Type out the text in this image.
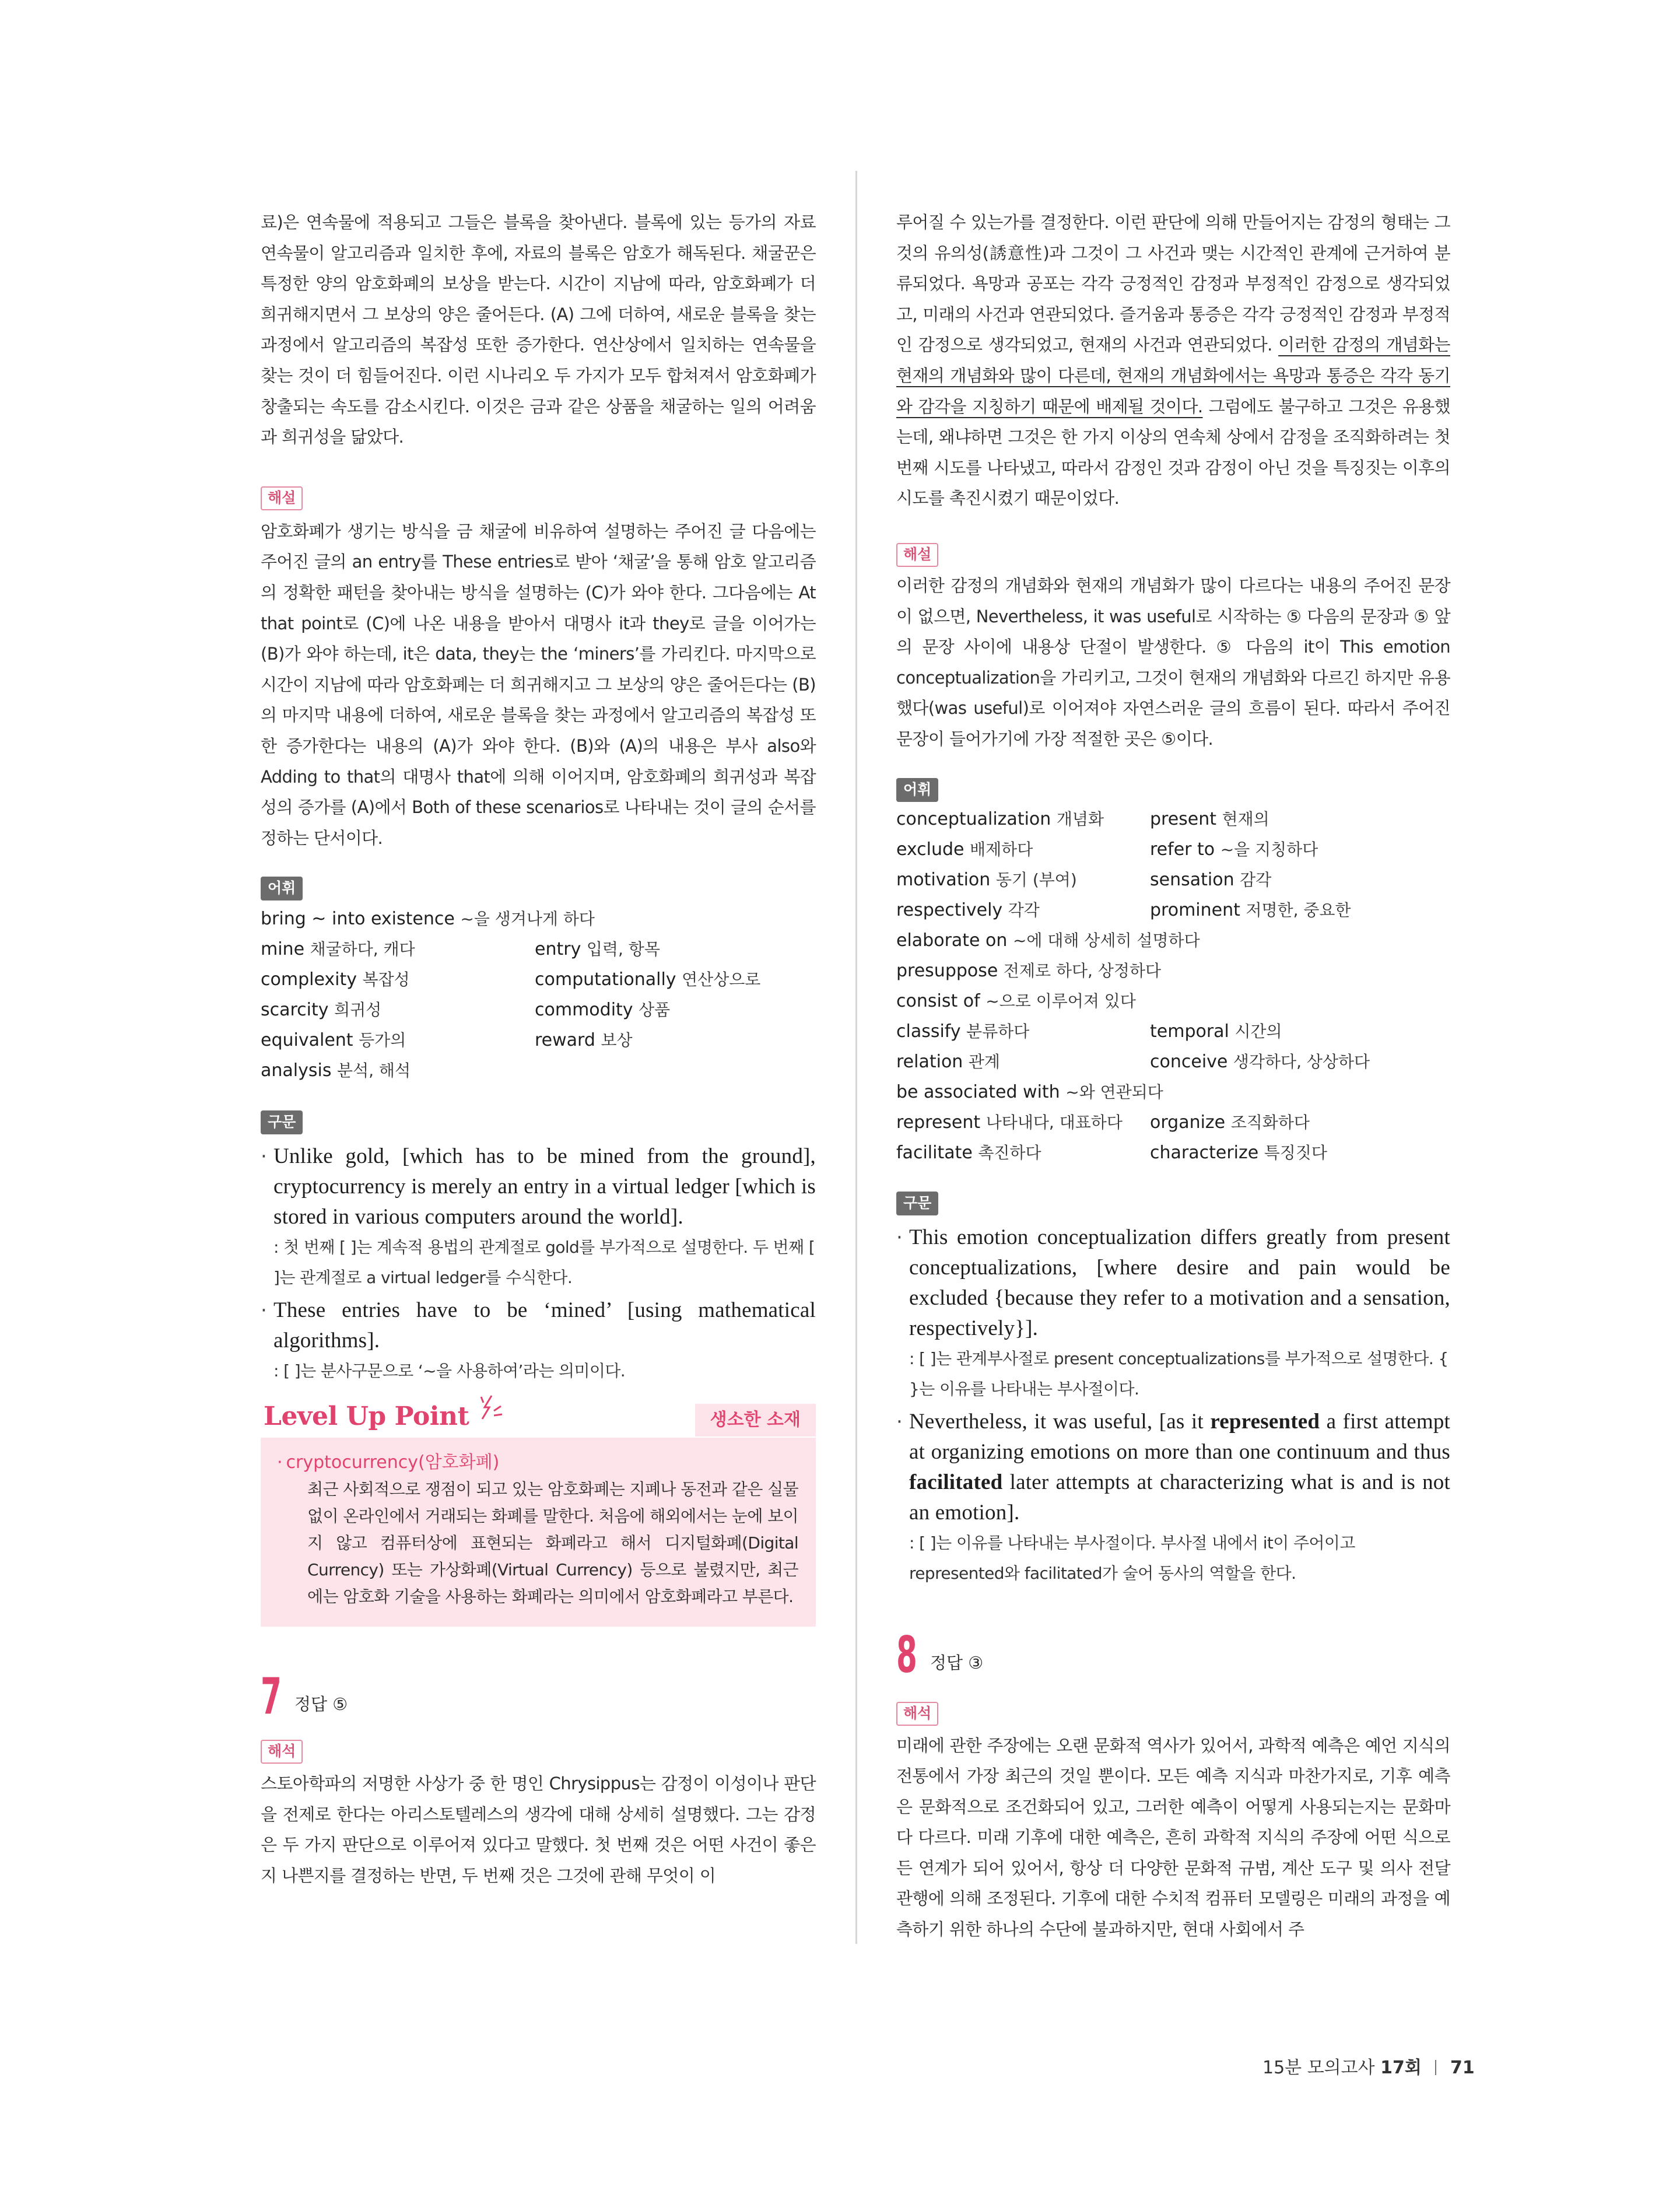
료)은 연속물에 적용되고 그들은 블록을 찾아낸다. 블록에 있는 등가의 자료 연속물이 알고리즘과 일치한 후에, 자료의 블록은 암호가 해독된다. 채굴꾼은 특정한 양의 암호화폐의 보상을 받는다. 시간이 지남에 따라, 암호화폐가 더 희귀해지면서 그 보상의 양은 줄어든다. (A) 그에 더하여, 새로운 블록을 찾는 과정에서 알고리즘의 복잡성 또한 증가한다. 연산상에서 일치하는 연속물을 찾는 것이 더 힘들어진다. 이런 시나리오 두 가지가 모두 합쳐져서 암호화폐가 창출되는 속도를 감소시킨다. 이것은 금과 같은 상품을 채굴하는 일의 어려움과 희귀성을 닮았다.

해설

암호화폐가 생기는 방식을 금 채굴에 비유하여 설명하는 주어진 글 다음에는 주어진 글의 an entry를 These entries로 받아 ‘채굴’을 통해 암호 알고리즘의 정확한 패턴을 찾아내는 방식을 설명하는 (C)가 와야 한다. 그다음에는 At that point로 (C)에 나온 내용을 받아서 대명사 it과 they로 글을 이어가는 (B)가 와야 하는데, it은 data, they는 the ‘miners’를 가리킨다. 마지막으로 시간이 지남에 따라 암호화폐는 더 희귀해지고 그 보상의 양은 줄어든다는 (B)의 마지막 내용에 더하여, 새로운 블록을 찾는 과정에서 알고리즘의 복잡성 또한 증가한다는 내용의 (A)가 와야 한다. (B)와 (A)의 내용은 부사 also와 Adding to that의 대명사 that에 의해 이어지며, 암호화폐의 희귀성과 복잡성의 증가를 (A)에서 Both of these scenarios로 나타내는 것이 글의 순서를 정하는 단서이다.

어휘
bring ~ into existence ~을 생겨나게 하다
mine 채굴하다, 캐다	entry 입력, 항목
complexity 복잡성	computationally 연산상으로
scarcity 희귀성	commodity 상품
equivalent 등가의	reward 보상
analysis 분석, 해석
구문
· Unlike gold, [which has to be mined from the ground], cryptocurrency is merely an entry in a virtual ledger [which is stored in various computers around the world].
: 첫 번째 [ ]는 계속적 용법의 관계절로 gold를 부가적으로 설명한다. 두 번째 [ ]는 관계절로 a virtual ledger를 수식한다.
· These entries have to be ‘mined’ [using mathematical algorithms].
: [ ]는 분사구문으로 ‘~을 사용하여’라는 의미이다.
Level Up Point	생소한 소재
· cryptocurrency(암호화폐)
최근 사회적으로 쟁점이 되고 있는 암호화폐는 지폐나 동전과 같은 실물 없이 온라인에서 거래되는 화폐를 말한다. 처음에 해외에서는 눈에 보이지 않고 컴퓨터상에 표현되는 화폐라고 해서 디지털화폐(Digital Currency) 또는 가상화폐(Virtual Currency) 등으로 불렸지만, 최근에는 암호화 기술을 사용하는 화폐라는 의미에서 암호화폐라고 부른다.
7 정답 ⑤
해석

스토아학파의 저명한 사상가 중 한 명인 Chrysippus는 감정이 이성이나 판단을 전제로 한다는 아리스토텔레스의 생각에 대해 상세히 설명했다. 그는 감정은 두 가지 판단으로 이루어져 있다고 말했다. 첫 번째 것은 어떤 사건이 좋은지 나쁜지를 결정하는 반면, 두 번째 것은 그것에 관해 무엇이 이

루어질 수 있는가를 결정한다. 이런 판단에 의해 만들어지는 감정의 형태는 그것의 유의성(誘意性)과 그것이 그 사건과 맺는 시간적인 관계에 근거하여 분류되었다. 욕망과 공포는 각각 긍정적인 감정과 부정적인 감정으로 생각되었고, 미래의 사건과 연관되었다. 즐거움과 통증은 각각 긍정적인 감정과 부정적인 감정으로 생각되었고, 현재의 사건과 연관되었다. 이러한 감정의 개념화는 현재의 개념화와 많이 다른데, 현재의 개념화에서는 욕망과 통증은 각각 동기와 감각을 지칭하기 때문에 배제될 것이다. 그럼에도 불구하고 그것은 유용했는데, 왜냐하면 그것은 한 가지 이상의 연속체 상에서 감정을 조직화하려는 첫 번째 시도를 나타냈고, 따라서 감정인 것과 감정이 아닌 것을 특징짓는 이후의 시도를 촉진시켰기 때문이었다.

해설

이러한 감정의 개념화와 현재의 개념화가 많이 다르다는 내용의 주어진 문장이 없으면, Nevertheless, it was useful로 시작하는 ⑤ 다음의 문장과 ⑤ 앞의 문장 사이에 내용상 단절이 발생한다. ⑤ 다음의 it이 This emotion conceptualization을 가리키고, 그것이 현재의 개념화와 다르긴 하지만 유용했다(was useful)로 이어져야 자연스러운 글의 흐름이 된다. 따라서 주어진 문장이 들어가기에 가장 적절한 곳은 ⑤이다.

어휘
conceptualization 개념화	present 현재의
exclude 배제하다	refer to ~을 지칭하다
motivation 동기 (부여)	sensation 감각
respectively 각각	prominent 저명한, 중요한
elaborate on ~에 대해 상세히 설명하다
presuppose 전제로 하다, 상정하다
consist of ~으로 이루어져 있다
classify 분류하다	temporal 시간의
relation 관계	conceive 생각하다, 상상하다
be associated with ~와 연관되다
represent 나타내다, 대표하다	organize 조직화하다
facilitate 촉진하다	characterize 특징짓다
구문
· This emotion conceptualization differs greatly from present conceptualizations, [where desire and pain would be excluded {because they refer to a motivation and a sensation, respectively}].
: [ ]는 관계부사절로 present conceptualizations를 부가적으로 설명한다. { }는 이유를 나타내는 부사절이다.
· Nevertheless, it was useful, [as it represented a first attempt at organizing emotions on more than one continuum and thus facilitated later attempts at characterizing what is and is not an emotion].
: [ ]는 이유를 나타내는 부사절이다. 부사절 내에서 it이 주어이고 represented와 facilitated가 술어 동사의 역할을 한다.
8 정답 ③
해석

미래에 관한 주장에는 오랜 문화적 역사가 있어서, 과학적 예측은 예언 지식의 전통에서 가장 최근의 것일 뿐이다. 모든 예측 지식과 마찬가지로, 기후 예측은 문화적으로 조건화되어 있고, 그러한 예측이 어떻게 사용되는지는 문화마다 다르다. 미래 기후에 대한 예측은, 흔히 과학적 지식의 주장에 어떤 식으로든 연계가 되어 있어서, 항상 더 다양한 문화적 규범, 계산 도구 및 의사 전달 관행에 의해 조정된다. 기후에 대한 수치적 컴퓨터 모델링은 미래의 과정을 예측하기 위한 하나의 수단에 불과하지만, 현대 사회에서 주

15분 모의고사 17회 71
